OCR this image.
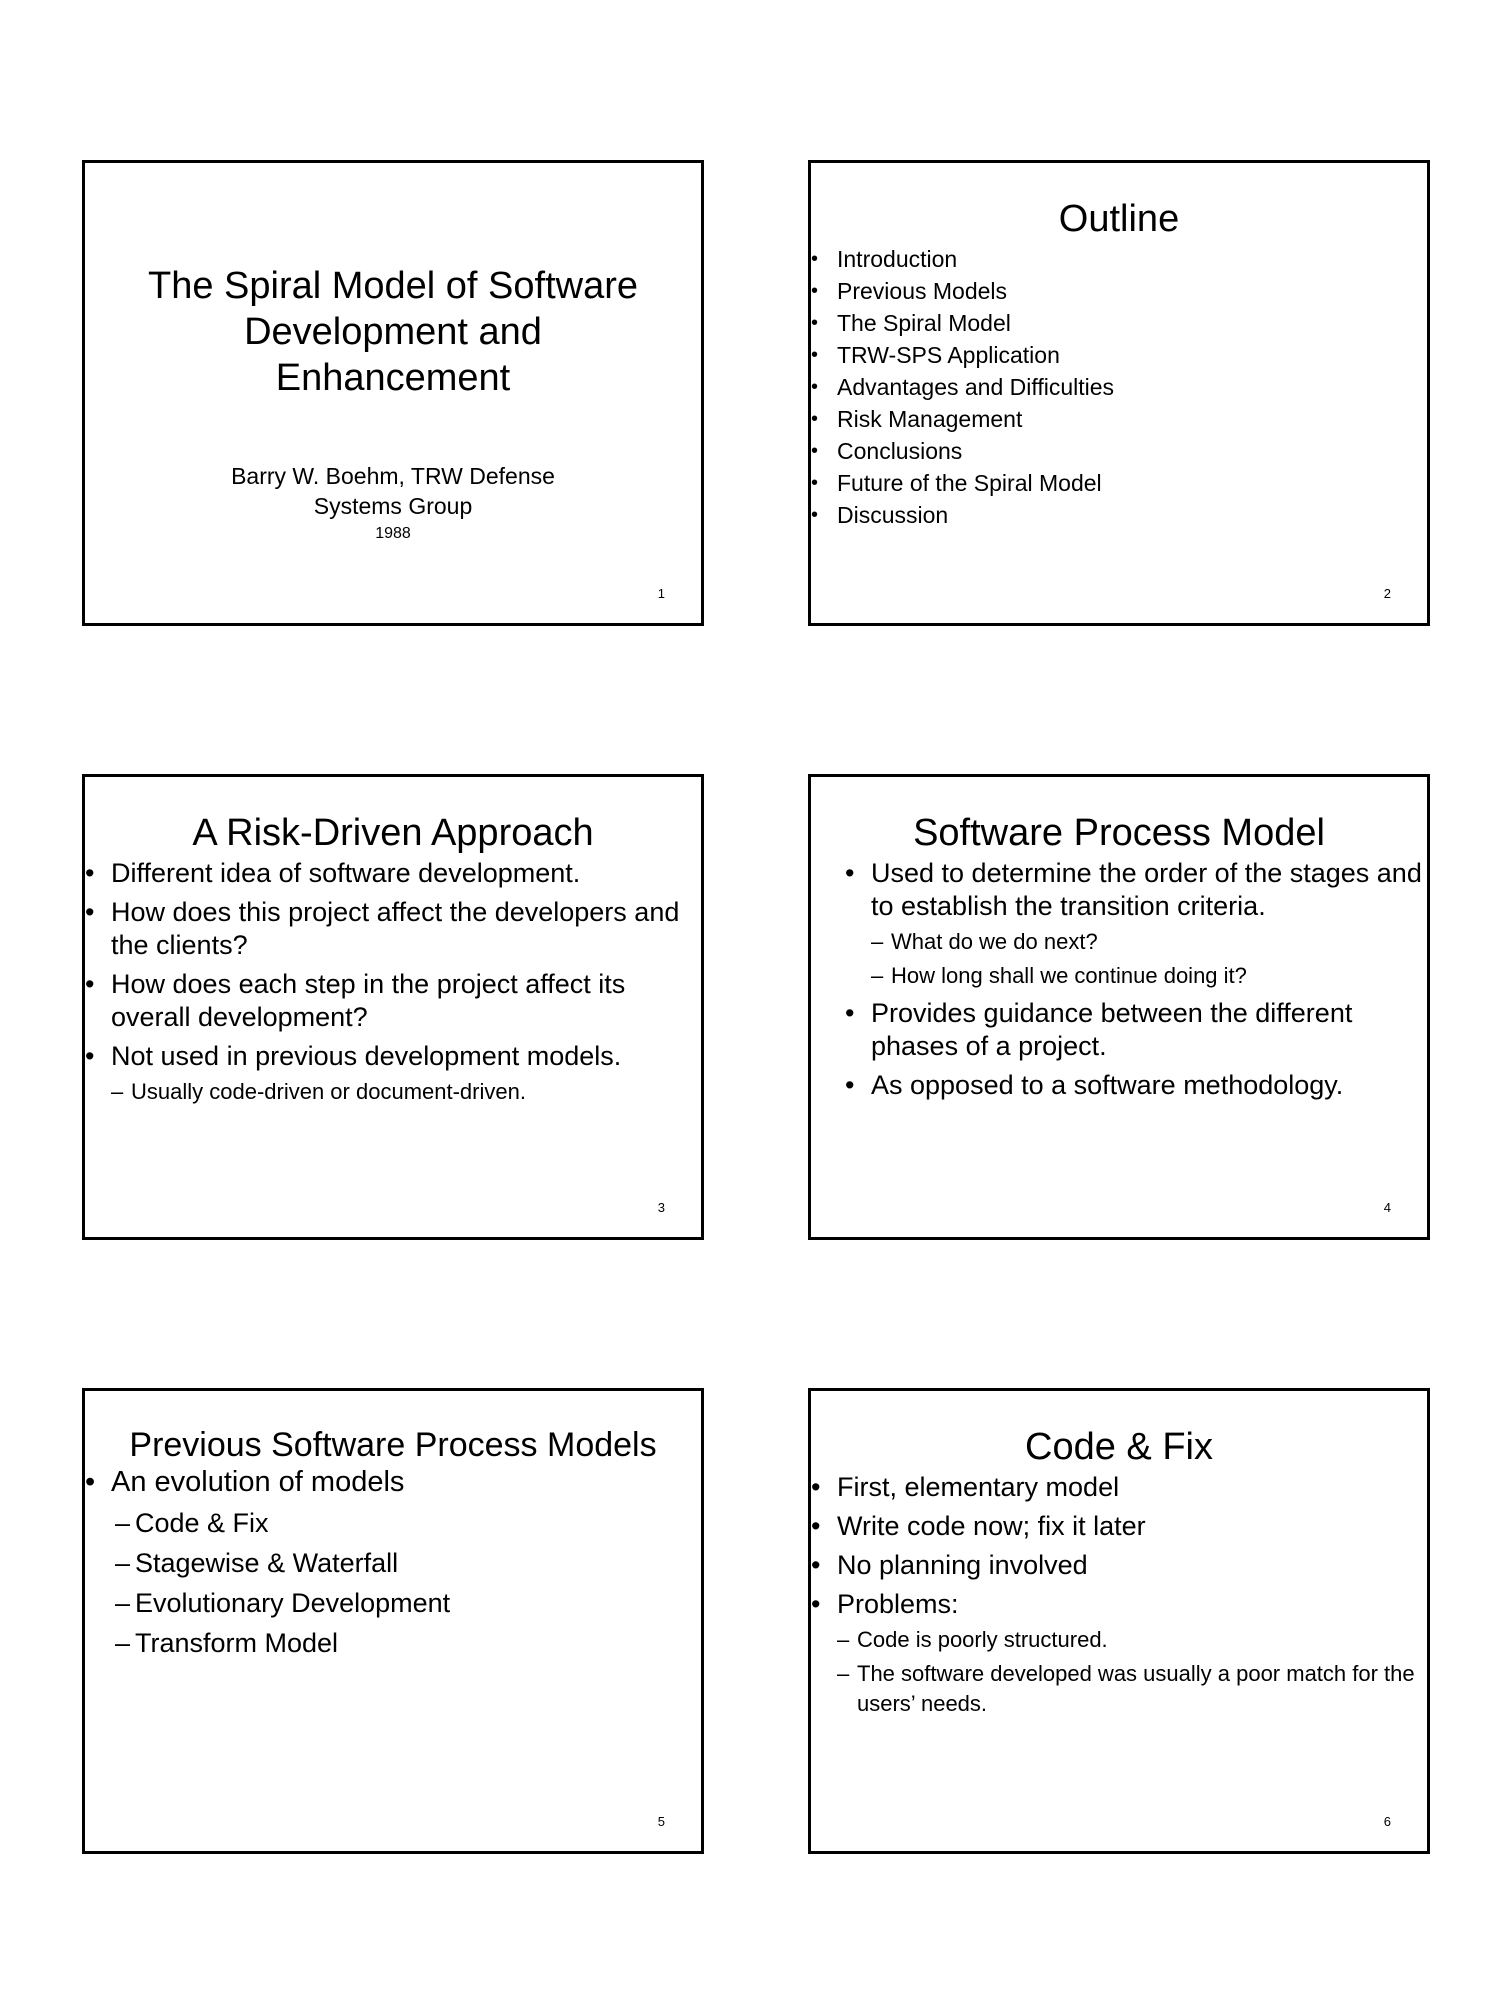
The Spiral Model of Software
Development and
Enhancement
Barry W. Boehm, TRW Defense
Systems Group
1988
1
Outline
• Introduction
• Previous Models
• The Spiral Model
• TRW-SPS Application
• Advantages and Difficulties
• Risk Management
• Conclusions
• Future of the Spiral Model
• Discussion
2
A Risk-Driven Approach
• Different idea of software development.
• How does this project affect the developers and the clients?
• How does each step in the project affect its overall development?
• Not used in previous development models.
– Usually code-driven or document-driven.
3
Software Process Model
• Used to determine the order of the stages and to establish the transition criteria.
– What do we do next?
– How long shall we continue doing it?
• Provides guidance between the different phases of a project.
• As opposed to a software methodology.
4
Previous Software Process Models
• An evolution of models
– Code & Fix
– Stagewise & Waterfall
– Evolutionary Development
– Transform Model
5
Code & Fix
• First, elementary model
• Write code now; fix it later
• No planning involved
• Problems:
– Code is poorly structured.
– The software developed was usually a poor match for the users’ needs.
6
